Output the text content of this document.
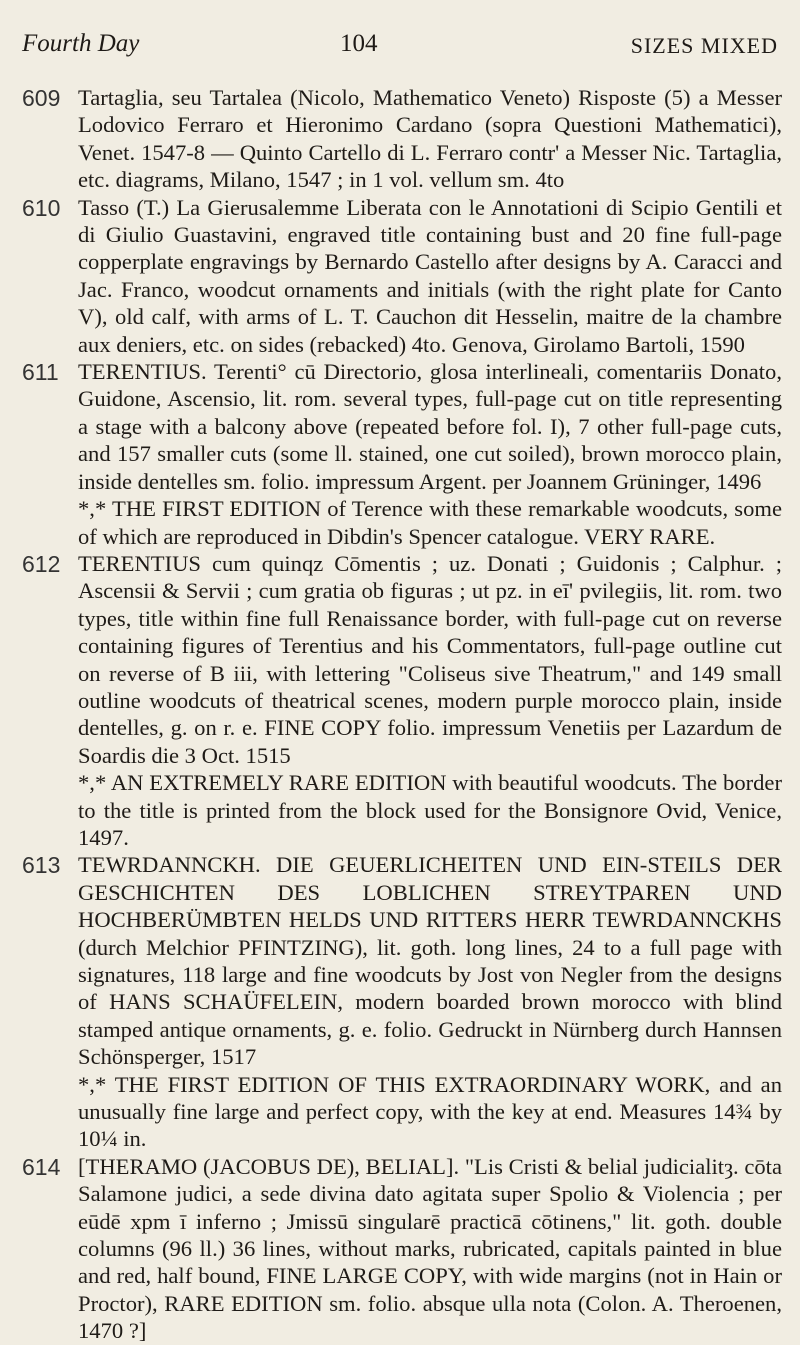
Fourth Day	104	SIZES MIXED
609 Tartaglia, seu Tartalea (Nicolo, Mathematico Veneto) Risposte (5) a Messer Lodovico Ferraro et Hieronimo Cardano (sopra Questioni Mathematici), Venet. 1547-8 — Quinto Cartello di L. Ferraro contr' a Messer Nic. Tartaglia, etc. diagrams, Milano, 1547 ; in 1 vol. vellum sm. 4to
610 Tasso (T.) La Gierusalemme Liberata con le Annotationi di Scipio Gentili et di Giulio Guastavini, engraved title containing bust and 20 fine full-page copperplate engravings by Bernardo Castello after designs by A. Caracci and Jac. Franco, woodcut ornaments and initials (with the right plate for Canto V), old calf, with arms of L. T. Cauchon dit Hesselin, maitre de la chambre aux deniers, etc. on sides (rebacked) 4to. Genova, Girolamo Bartoli, 1590
611 TERENTIUS. Terenti° cū Directorio, glosa interlineali, comentariis Donato, Guidone, Ascensio, lit. rom. several types, full-page cut on title representing a stage with a balcony above (repeated before fol. I), 7 other full-page cuts, and 157 smaller cuts (some ll. stained, one cut soiled), brown morocco plain, inside dentelles sm. folio. impressum Argent. per Joannem Grüninger, 1496
*,* THE FIRST EDITION of Terence with these remarkable woodcuts, some of which are reproduced in Dibdin's Spencer catalogue. VERY RARE.
612 TERENTIUS cum quinqz Cōmentis ; uz. Donati ; Guidonis ; Calphur. ; Ascensii & Servii ; cum gratia ob figuras ; ut pz. in eī' pvilegiis, lit. rom. two types, title within fine full Renaissance border, with full-page cut on reverse containing figures of Terentius and his Commentators, full-page outline cut on reverse of B iii, with lettering "Coliseus sive Theatrum," and 149 small outline woodcuts of theatrical scenes, modern purple morocco plain, inside dentelles, g. on r. e. FINE COPY folio. impressum Venetiis per Lazardum de Soardis die 3 Oct. 1515
*,* AN EXTREMELY RARE EDITION with beautiful woodcuts. The border to the title is printed from the block used for the Bonsignore Ovid, Venice, 1497.
613 TEWRDANNCKH. DIE GEUERLICHEITEN UND EIN-STEILS DER GESCHICHTEN DES LOBLICHEN STREYTPAREN UND HOCHBERÜMBTEN HELDS UND RITTERS HERR TEWRDANNCKHS (durch Melchior PFINTZING), lit. goth. long lines, 24 to a full page with signatures, 118 large and fine woodcuts by Jost von Negler from the designs of HANS SCHAÜFELEIN, modern boarded brown morocco with blind stamped antique ornaments, g. e. folio. Gedruckt in Nürnberg durch Hannsen Schönsperger, 1517
*,* THE FIRST EDITION OF THIS EXTRAORDINARY WORK, and an unusually fine large and perfect copy, with the key at end. Measures 14¾ by 10¼ in.
614 [THERAMO (JACOBUS DE), BELIAL]. "Lis Cristi & belial judicialitȝ. cōta Salamone judici, a sede divina dato agitata super Spolio & Violencia ; per eūdē xpm ī inferno ; Jmissū singularē practicā cōtinens," lit. goth. double columns (96 ll.) 36 lines, without marks, rubricated, capitals painted in blue and red, half bound, FINE LARGE COPY, with wide margins (not in Hain or Proctor), RARE EDITION sm. folio. absque ulla nota (Colon. A. Theroenen, 1470 ?]
